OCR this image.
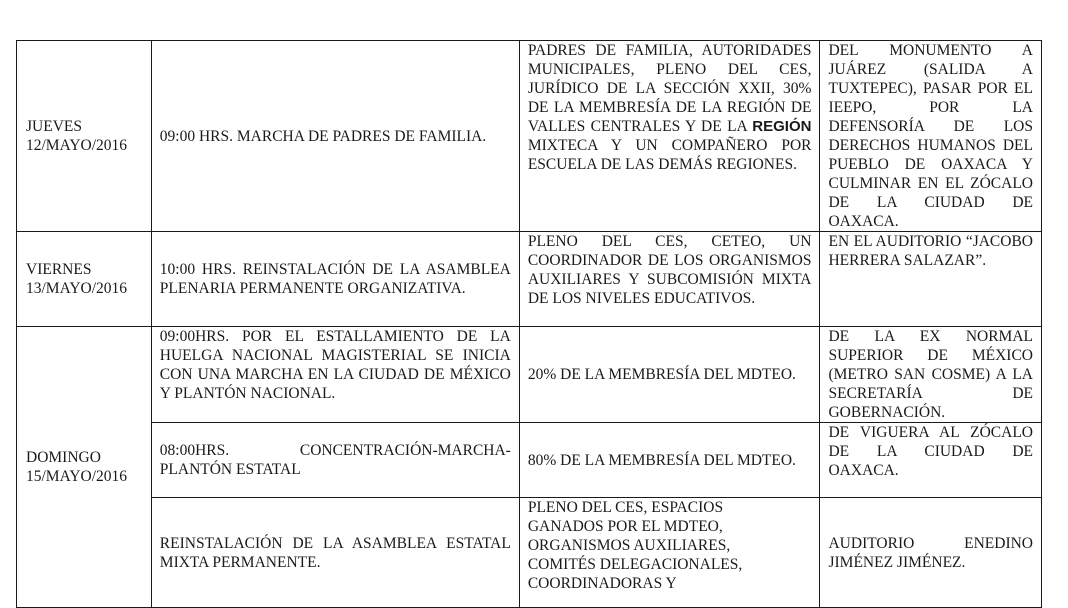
JUEVES
12/MAYO/2016	09:00 HRS. MARCHA DE PADRES DE FAMILIA.	PADRES DE FAMILIA, AUTORIDADES MUNICIPALES, PLENO DEL CES, JURÍDICO DE LA SECCIÓN XXII, 30% DE LA MEMBRESÍA DE LA REGIÓN DE VALLES CENTRALES Y DE LA REGIÓN MIXTECA Y UN COMPAÑERO POR ESCUELA DE LAS DEMÁS REGIONES.	DEL MONUMENTO A JUÁREZ (SALIDA A TUXTEPEC), PASAR POR EL IEEPO, POR LA DEFENSORÍA DE LOS DERECHOS HUMANOS DEL PUEBLO DE OAXACA Y CULMINAR EN EL ZÓCALO DE LA CIUDAD DE OAXACA.

VIERNES
13/MAYO/2016	10:00 HRS. REINSTALACIÓN DE LA ASAMBLEA PLENARIA PERMANENTE ORGANIZATIVA.	PLENO DEL CES, CETEO, UN COORDINADOR DE LOS ORGANISMOS AUXILIARES Y SUBCOMISIÓN MIXTA DE LOS NIVELES EDUCATIVOS.	EN EL AUDITORIO “JACOBO HERRERA SALAZAR”.

DOMINGO
15/MAYO/2016	09:00HRS. POR EL ESTALLAMIENTO DE LA HUELGA NACIONAL MAGISTERIAL SE INICIA CON UNA MARCHA EN LA CIUDAD DE MÉXICO Y PLANTÓN NACIONAL.	20% DE LA MEMBRESÍA DEL MDTEO.	DE LA EX NORMAL SUPERIOR DE MÉXICO (METRO SAN COSME) A LA SECRETARÍA DE GOBERNACIÓN.
	08:00HRS. CONCENTRACIÓN-MARCHA-PLANTÓN ESTATAL	80% DE LA MEMBRESÍA DEL MDTEO.	DE VIGUERA AL ZÓCALO DE LA CIUDAD DE OAXACA.
	REINSTALACIÓN DE LA ASAMBLEA ESTATAL MIXTA PERMANENTE.	PLENO DEL CES, ESPACIOS
GANADOS POR EL MDTEO,
ORGANISMOS AUXILIARES,
COMITÉS DELEGACIONALES,
COORDINADORAS Y	AUDITORIO ENEDINO JIMÉNEZ JIMÉNEZ.
